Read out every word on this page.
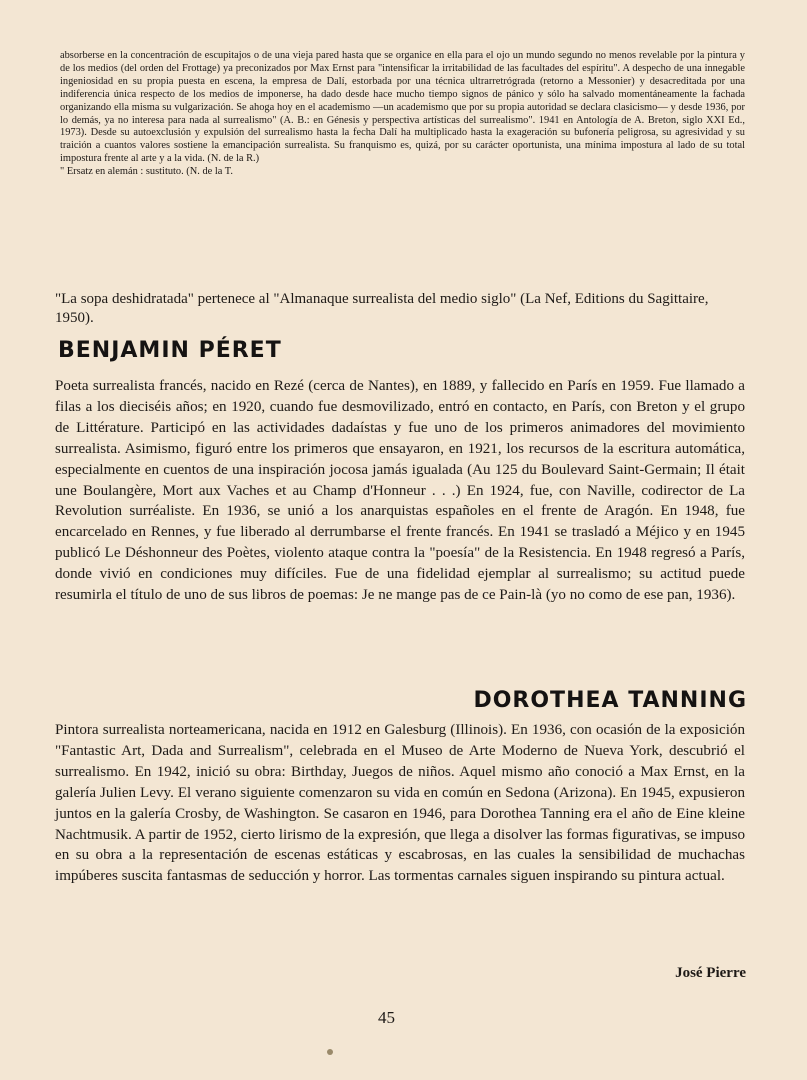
absorberse en la concentración de escupitajos o de una vieja pared hasta que se organice en ella para el ojo un mundo segundo no menos revelable por la pintura y de los medios (del orden del Frottage) ya preconizados por Max Ernst para "intensificar la irritabilidad de las facultades del espíritu". A despecho de una innegable ingeniosidad en su propia puesta en escena, la empresa de Dalí, estorbada por una técnica ultrarretrógrada (retorno a Messonier) y desacreditada por una indiferencia única respecto de los medios de imponerse, ha dado desde hace mucho tiempo signos de pánico y sólo ha salvado momentáneamente la fachada organizando ella misma su vulgarización. Se ahoga hoy en el academismo —un academismo que por su propia autoridad se declara clasicismo— y desde 1936, por lo demás, ya no interesa para nada al surrealismo" (A. B.: en Génesis y perspectiva artísticas del surrealismo". 1941 en Antología de A. Breton, siglo XXI Ed., 1973). Desde su autoexclusión y expulsión del surrealismo hasta la fecha Dalí ha multiplicado hasta la exageración su bufonería peligrosa, su agresividad y su traición a cuantos valores sostiene la emancipación surrealista. Su franquismo es, quizá, por su carácter oportunista, una mínima impostura al lado de su total impostura frente al arte y a la vida. (N. de la R.)

" Ersatz en alemán : sustituto. (N. de la T.

"La sopa deshidratada" pertenece al "Almanaque surrealista del medio siglo" (La Nef, Editions du Sagittaire, 1950).
BENJAMIN PÉRET

Poeta surrealista francés, nacido en Rezé (cerca de Nantes), en 1889, y fallecido en París en 1959. Fue llamado a filas a los dieciséis años; en 1920, cuando fue desmovilizado, entró en contacto, en París, con Breton y el grupo de Littérature. Participó en las actividades dadaístas y fue uno de los primeros animadores del movimiento surrealista. Asimismo, figuró entre los primeros que ensayaron, en 1921, los recursos de la escritura automática, especialmente en cuentos de una inspiración jocosa jamás igualada (Au 125 du Boulevard Saint-Germain; Il était une Boulangère, Mort aux Vaches et au Champ d'Honneur . . .) En 1924, fue, con Naville, codirector de La Revolution surréaliste. En 1936, se unió a los anarquistas españoles en el frente de Aragón. En 1948, fue encarcelado en Rennes, y fue liberado al derrumbarse el frente francés. En 1941 se trasladó a Méjico y en 1945 publicó Le Déshonneur des Poètes, violento ataque contra la "poesía" de la Resistencia. En 1948 regresó a París, donde vivió en condiciones muy difíciles. Fue de una fidelidad ejemplar al surrealismo; su actitud puede resumirla el título de uno de sus libros de poemas: Je ne mange pas de ce Pain-là (yo no como de ese pan, 1936).

DOROTHEA TANNING

Pintora surrealista norteamericana, nacida en 1912 en Galesburg (Illinois). En 1936, con ocasión de la exposición "Fantastic Art, Dada and Surrealism", celebrada en el Museo de Arte Moderno de Nueva York, descubrió el surrealismo. En 1942, inició su obra: Birthday, Juegos de niños. Aquel mismo año conoció a Max Ernst, en la galería Julien Levy. El verano siguiente comenzaron su vida en común en Sedona (Arizona). En 1945, expusieron juntos en la galería Crosby, de Washington. Se casaron en 1946, para Dorothea Tanning era el año de Eine kleine Nachtmusik. A partir de 1952, cierto lirismo de la expresión, que llega a disolver las formas figurativas, se impuso en su obra a la representación de escenas estáticas y escabrosas, en las cuales la sensibilidad de muchachas impúberes suscita fantasmas de seducción y horror. Las tormentas carnales siguen inspirando su pintura actual.

José Pierre
45
